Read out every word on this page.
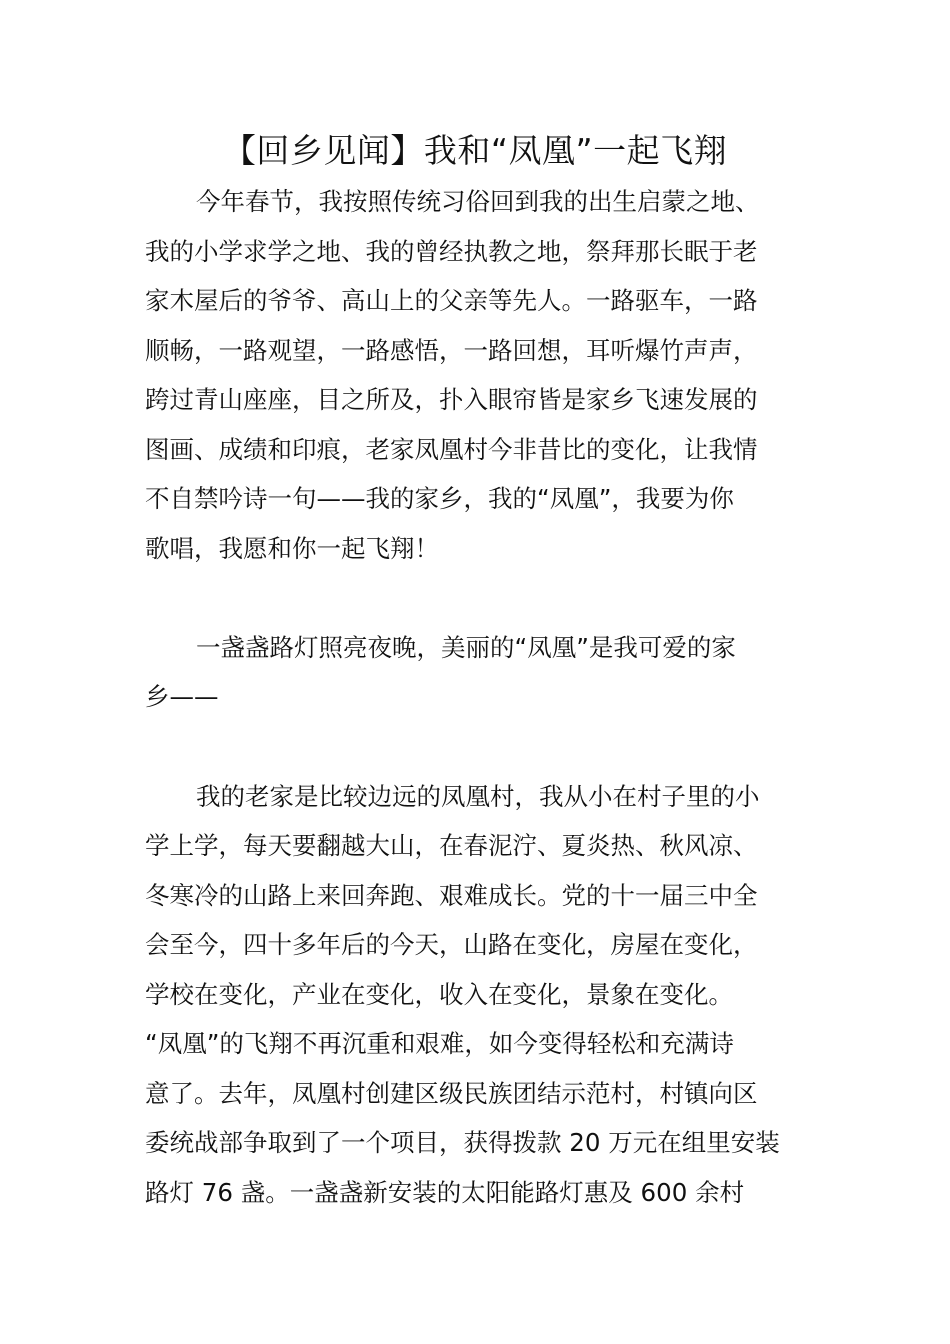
【回乡见闻】我和“凤凰”一起飞翔

今年春节，我按照传统习俗回到我的出生启蒙之地、

我的小学求学之地、我的曾经执教之地，祭拜那长眠于老

家木屋后的爷爷、高山上的父亲等先人。一路驱车，一路

顺畅，一路观望，一路感悟，一路回想，耳听爆竹声声，

跨过青山座座，目之所及，扑入眼帘皆是家乡飞速发展的

图画、成绩和印痕，老家凤凰村今非昔比的变化，让我情

不自禁吟诗一句——我的家乡，我的“凤凰”，我要为你

歌唱，我愿和你一起飞翔！

一盏盏路灯照亮夜晚，美丽的“凤凰”是我可爱的家

乡——

我的老家是比较边远的凤凰村，我从小在村子里的小

学上学，每天要翻越大山，在春泥泞、夏炎热、秋风凉、

冬寒冷的山路上来回奔跑、艰难成长。党的十一届三中全

会至今，四十多年后的今天，山路在变化，房屋在变化，

学校在变化，产业在变化，收入在变化，景象在变化。

“凤凰”的飞翔不再沉重和艰难，如今变得轻松和充满诗

意了。去年，凤凰村创建区级民族团结示范村，村镇向区

委统战部争取到了一个项目，获得拨款 20 万元在组里安装

路灯 76 盏。一盏盏新安装的太阳能路灯惠及 600 余村
